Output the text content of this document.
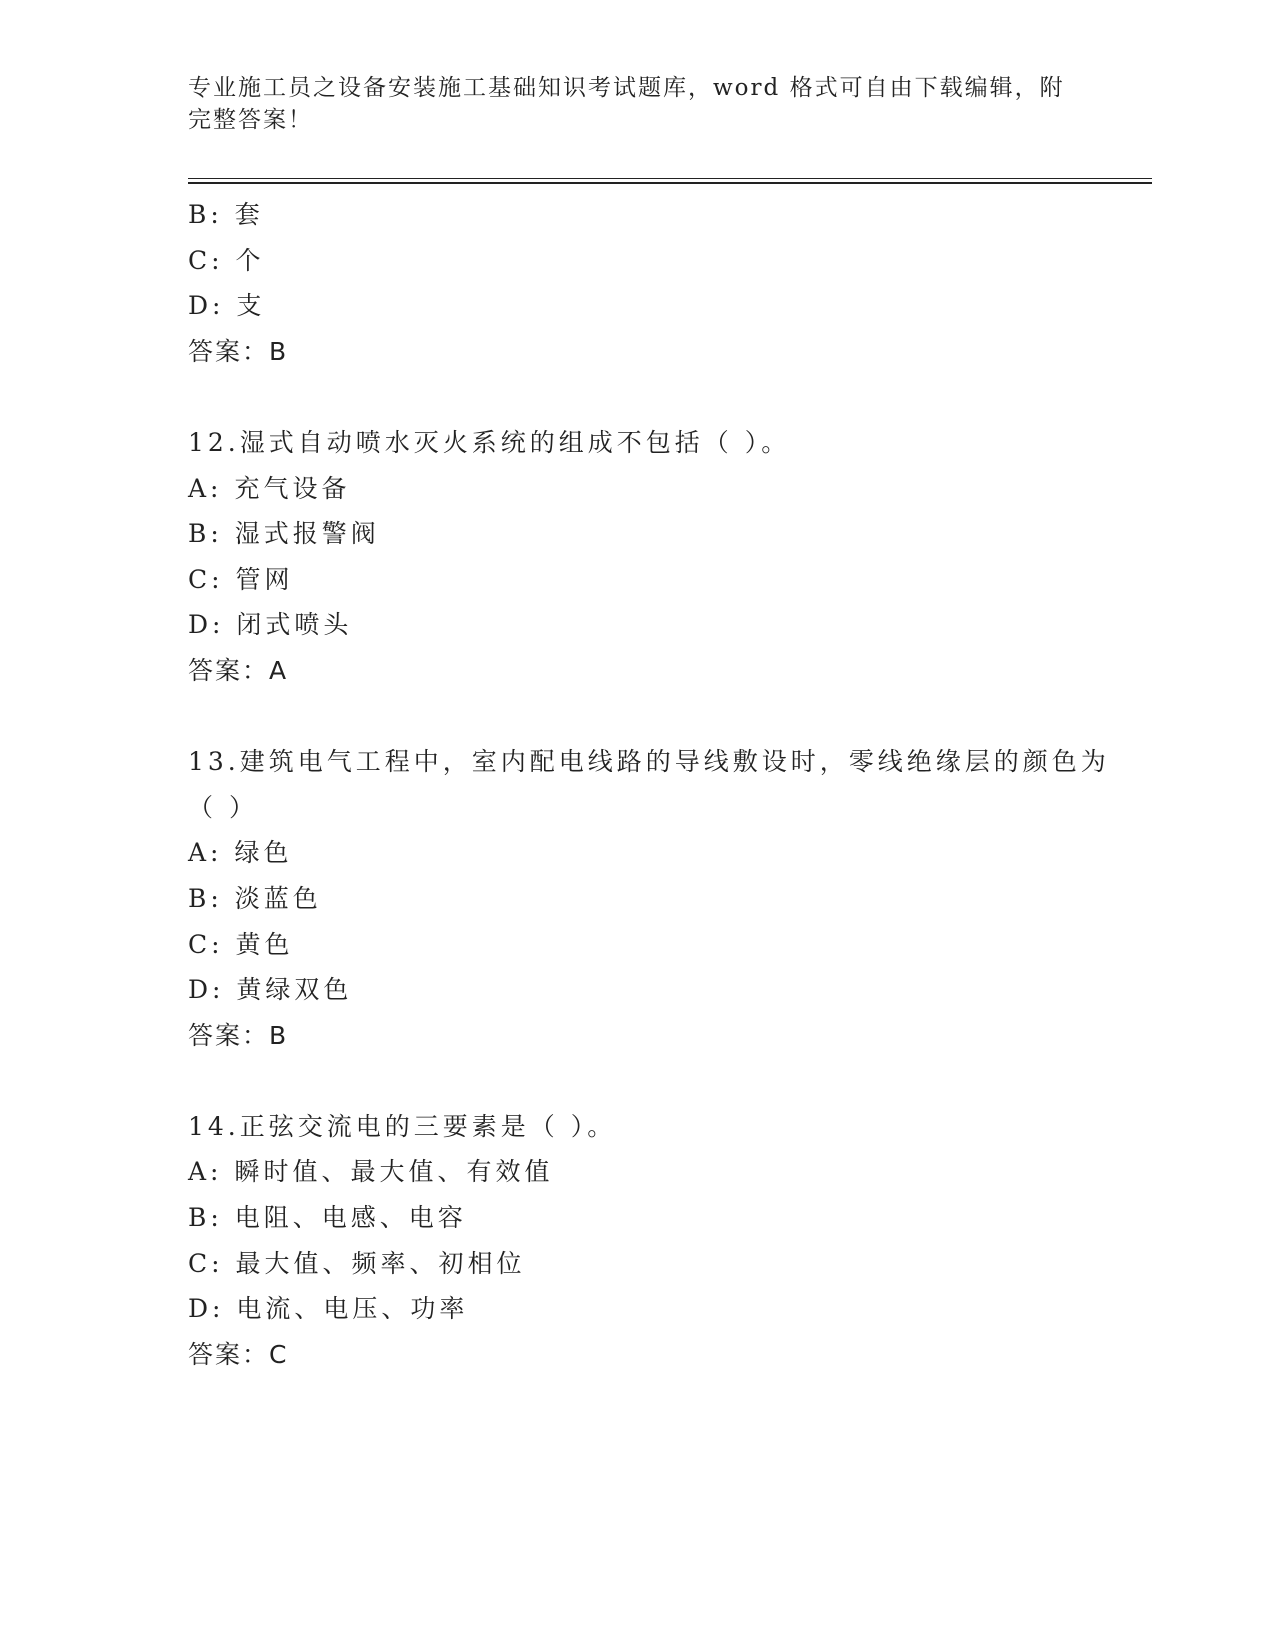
专业施工员之设备安装施工基础知识考试题库，word 格式可自由下载编辑，附完整答案！
B: 套
C: 个
D: 支
答案：B
12.湿式自动喷水灭火系统的组成不包括（ ）。
A: 充气设备
B: 湿式报警阀
C: 管网
D: 闭式喷头
答案：A
13.建筑电气工程中，室内配电线路的导线敷设时，零线绝缘层的颜色为（ ）
A: 绿色
B: 淡蓝色
C: 黄色
D: 黄绿双色
答案：B
14.正弦交流电的三要素是（ ）。
A: 瞬时值、最大值、有效值
B: 电阻、电感、电容
C: 最大值、频率、初相位
D: 电流、电压、功率
答案：C
